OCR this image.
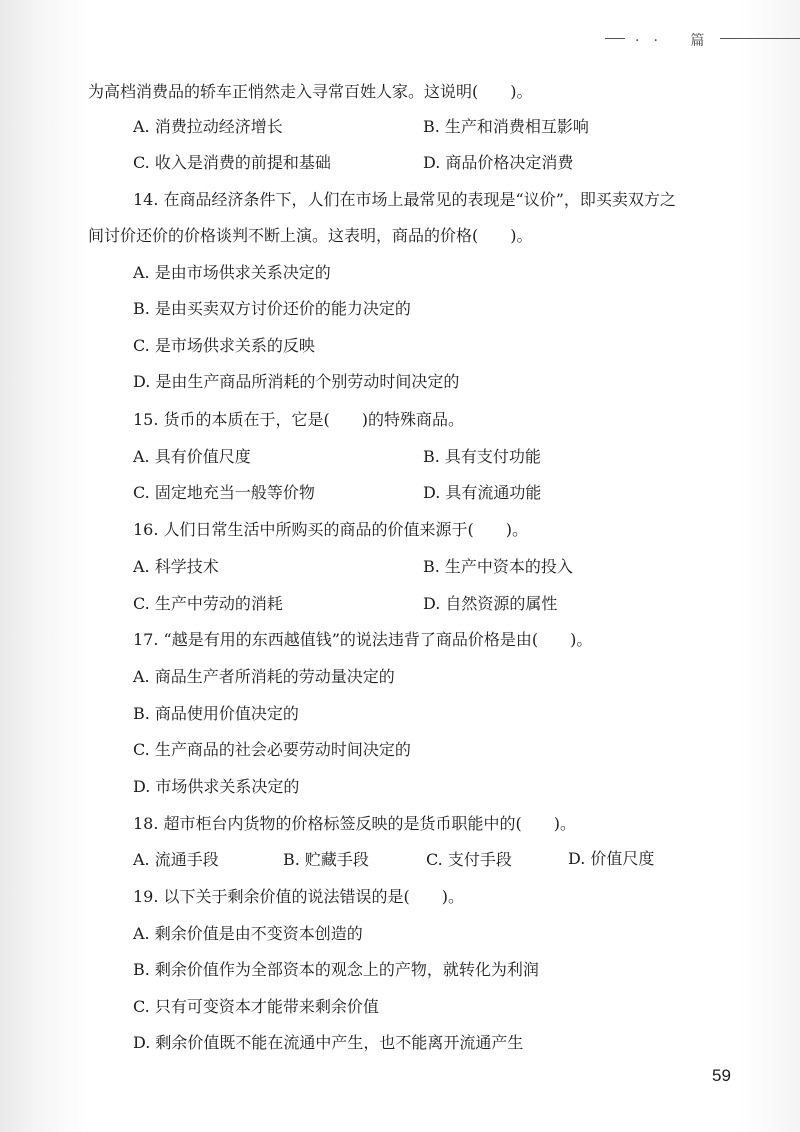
·· 篇
为高档消费品的轿车正悄然走入寻常百姓人家。这说明(　　)。
A. 消费拉动经济增长	B. 生产和消费相互影响
C. 收入是消费的前提和基础	D. 商品价格决定消费
14. 在商品经济条件下，人们在市场上最常见的表现是“议价”，即买卖双方之
间讨价还价的价格谈判不断上演。这表明，商品的价格(　　)。
A. 是由市场供求关系决定的
B. 是由买卖双方讨价还价的能力决定的
C. 是市场供求关系的反映
D. 是由生产商品所消耗的个别劳动时间决定的
15. 货币的本质在于，它是(　　)的特殊商品。
A. 具有价值尺度	B. 具有支付功能
C. 固定地充当一般等价物	D. 具有流通功能
16. 人们日常生活中所购买的商品的价值来源于(　　)。
A. 科学技术	B. 生产中资本的投入
C. 生产中劳动的消耗	D. 自然资源的属性
17. “越是有用的东西越值钱”的说法违背了商品价格是由(　　)。
A. 商品生产者所消耗的劳动量决定的
B. 商品使用价值决定的
C. 生产商品的社会必要劳动时间决定的
D. 市场供求关系决定的
18. 超市柜台内货物的价格标签反映的是货币职能中的(　　)。
A. 流通手段	B. 贮藏手段	C. 支付手段	D. 价值尺度
19. 以下关于剩余价值的说法错误的是(　　)。
A. 剩余价值是由不变资本创造的
B. 剩余价值作为全部资本的观念上的产物，就转化为利润
C. 只有可变资本才能带来剩余价值
D. 剩余价值既不能在流通中产生，也不能离开流通产生
59
